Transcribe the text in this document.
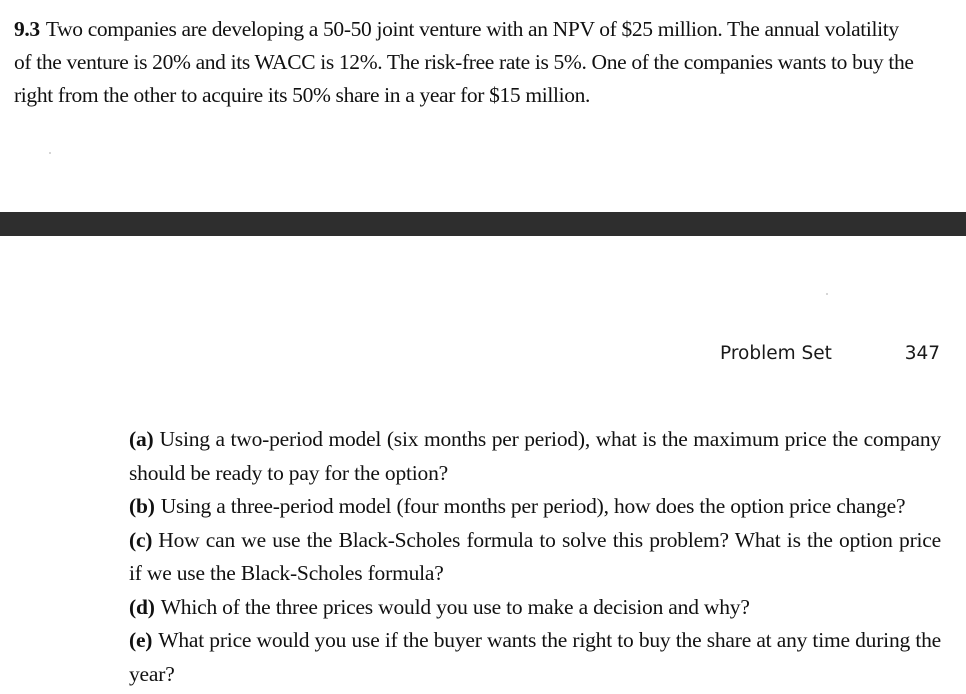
9.3 Two companies are developing a 50-50 joint venture with an NPV of $25 million. The annual volatility of the venture is 20% and its WACC is 12%. The risk-free rate is 5%. One of the companies wants to buy the right from the other to acquire its 50% share in a year for $15 million.
Problem Set	347
(a) Using a two-period model (six months per period), what is the maximum price the company should be ready to pay for the option?
(b) Using a three-period model (four months per period), how does the option price change?
(c) How can we use the Black-Scholes formula to solve this problem? What is the option price if we use the Black-Scholes formula?
(d) Which of the three prices would you use to make a decision and why?
(e) What price would you use if the buyer wants the right to buy the share at any time during the year?
